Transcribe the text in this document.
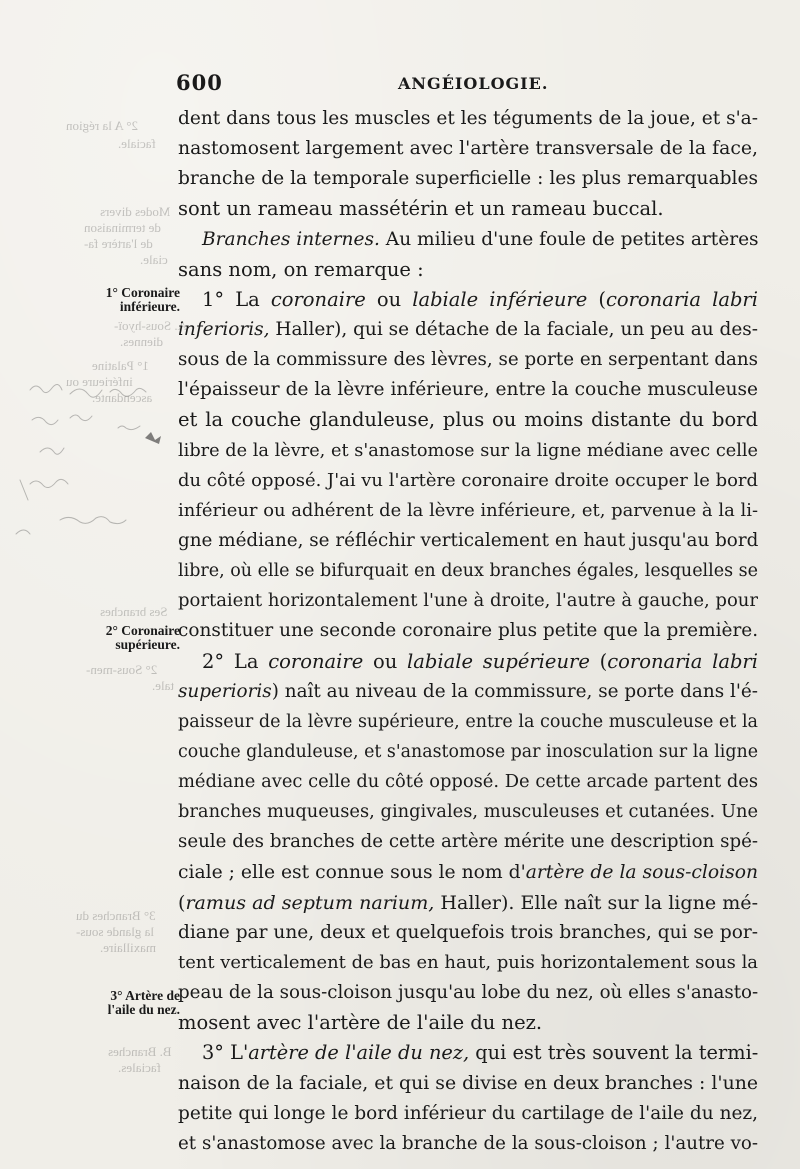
2° A la région
faciale.
Modes divers
de terminaison
de l'artère fa-
ciale.
A. Sous-hyoï-
diennes.
1° Palatine
inférieure ou
ascendante.
Ses branches
2° Sous-men-
tale.
3° Branches du
la glande sous-
maxillaire.
B. Branches
faciales.
600	ANGÉIOLOGIE.
1° Coronaire
inférieure.
2° Coronaire
supérieure.
3° Artère de
l'aile du nez.
dent dans tous les muscles et les téguments de la joue, et s'a-
nastomosent largement avec l'artère transversale de la face,
branche de la temporale superficielle : les plus remarquables
sont un rameau massétérin et un rameau buccal.
Branches internes. Au milieu d'une foule de petites artères
sans nom, on remarque :
1° La coronaire ou labiale inférieure (coronaria labri
inferioris, Haller), qui se détache de la faciale, un peu au des-
sous de la commissure des lèvres, se porte en serpentant dans
l'épaisseur de la lèvre inférieure, entre la couche musculeuse
et la couche glanduleuse, plus ou moins distante du bord
libre de la lèvre, et s'anastomose sur la ligne médiane avec celle
du côté opposé. J'ai vu l'artère coronaire droite occuper le bord
inférieur ou adhérent de la lèvre inférieure, et, parvenue à la li-
gne médiane, se réfléchir verticalement en haut jusqu'au bord
libre, où elle se bifurquait en deux branches égales, lesquelles se
portaient horizontalement l'une à droite, l'autre à gauche, pour
constituer une seconde coronaire plus petite que la première.
2° La coronaire ou labiale supérieure (coronaria labri
superioris) naît au niveau de la commissure, se porte dans l'é-
paisseur de la lèvre supérieure, entre la couche musculeuse et la
couche glanduleuse, et s'anastomose par inosculation sur la ligne
médiane avec celle du côté opposé. De cette arcade partent des
branches muqueuses, gingivales, musculeuses et cutanées. Une
seule des branches de cette artère mérite une description spé-
ciale ; elle est connue sous le nom d'artère de la sous-cloison
(ramus ad septum narium, Haller). Elle naît sur la ligne mé-
diane par une, deux et quelquefois trois branches, qui se por-
tent verticalement de bas en haut, puis horizontalement sous la
peau de la sous-cloison jusqu'au lobe du nez, où elles s'anasto-
mosent avec l'artère de l'aile du nez.
3° L'artère de l'aile du nez, qui est très souvent la termi-
naison de la faciale, et qui se divise en deux branches : l'une
petite qui longe le bord inférieur du cartilage de l'aile du nez,
et s'anastomose avec la branche de la sous-cloison ; l'autre vo-
